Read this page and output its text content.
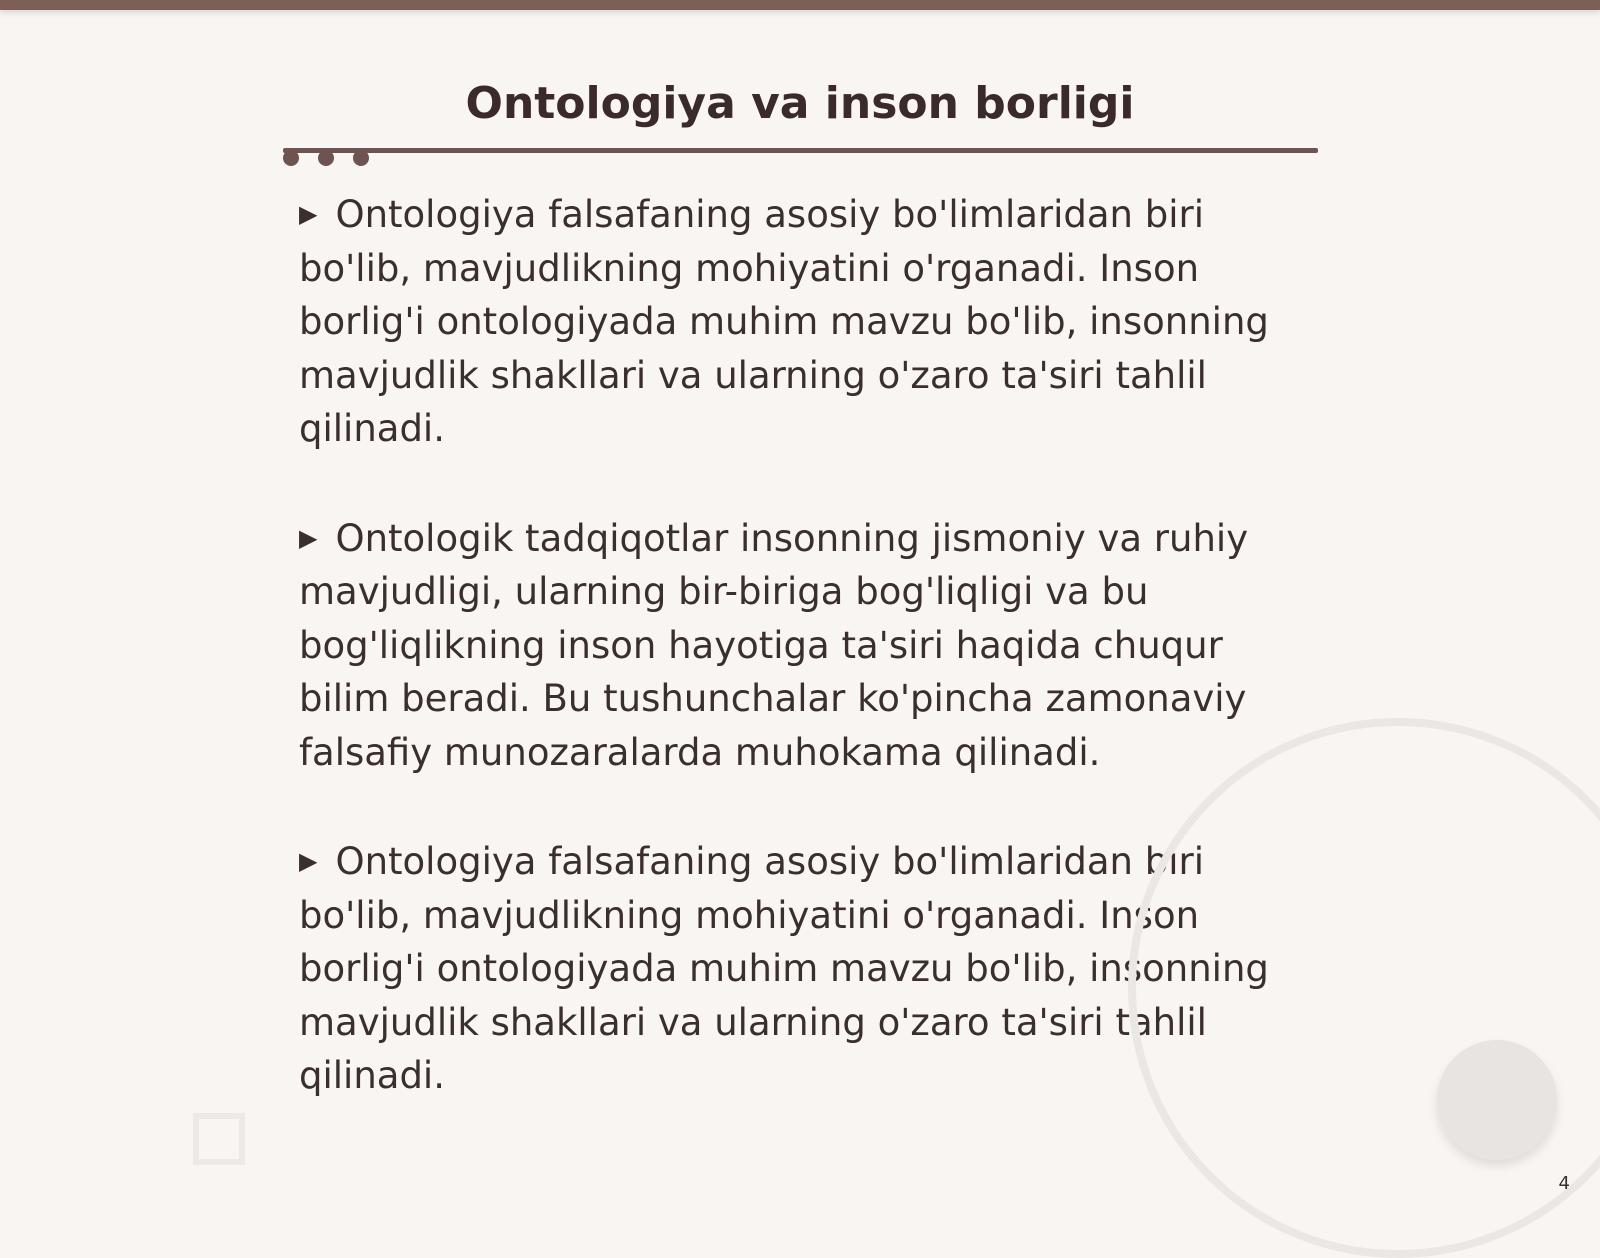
Ontologiya va inson borligi

▶ Ontologiya falsafaning asosiy bo'limlaridan biri bo'lib, mavjudlikning mohiyatini o'rganadi. Inson borlig'i ontologiyada muhim mavzu bo'lib, insonning mavjudlik shakllari va ularning o'zaro ta'siri tahlil qilinadi.

▶ Ontologik tadqiqotlar insonning jismoniy va ruhiy mavjudligi, ularning bir-biriga bog'liqligi va bu bog'liqlikning inson hayotiga ta'siri haqida chuqur bilim beradi. Bu tushunchalar ko'pincha zamonaviy falsafiy munozaralarda muhokama qilinadi.

▶ Ontologiya falsafaning asosiy bo'limlaridan biri bo'lib, mavjudlikning mohiyatini o'rganadi. Inson borlig'i ontologiyada muhim mavzu bo'lib, insonning mavjudlik shakllari va ularning o'zaro ta'siri tahlil qilinadi.

4
